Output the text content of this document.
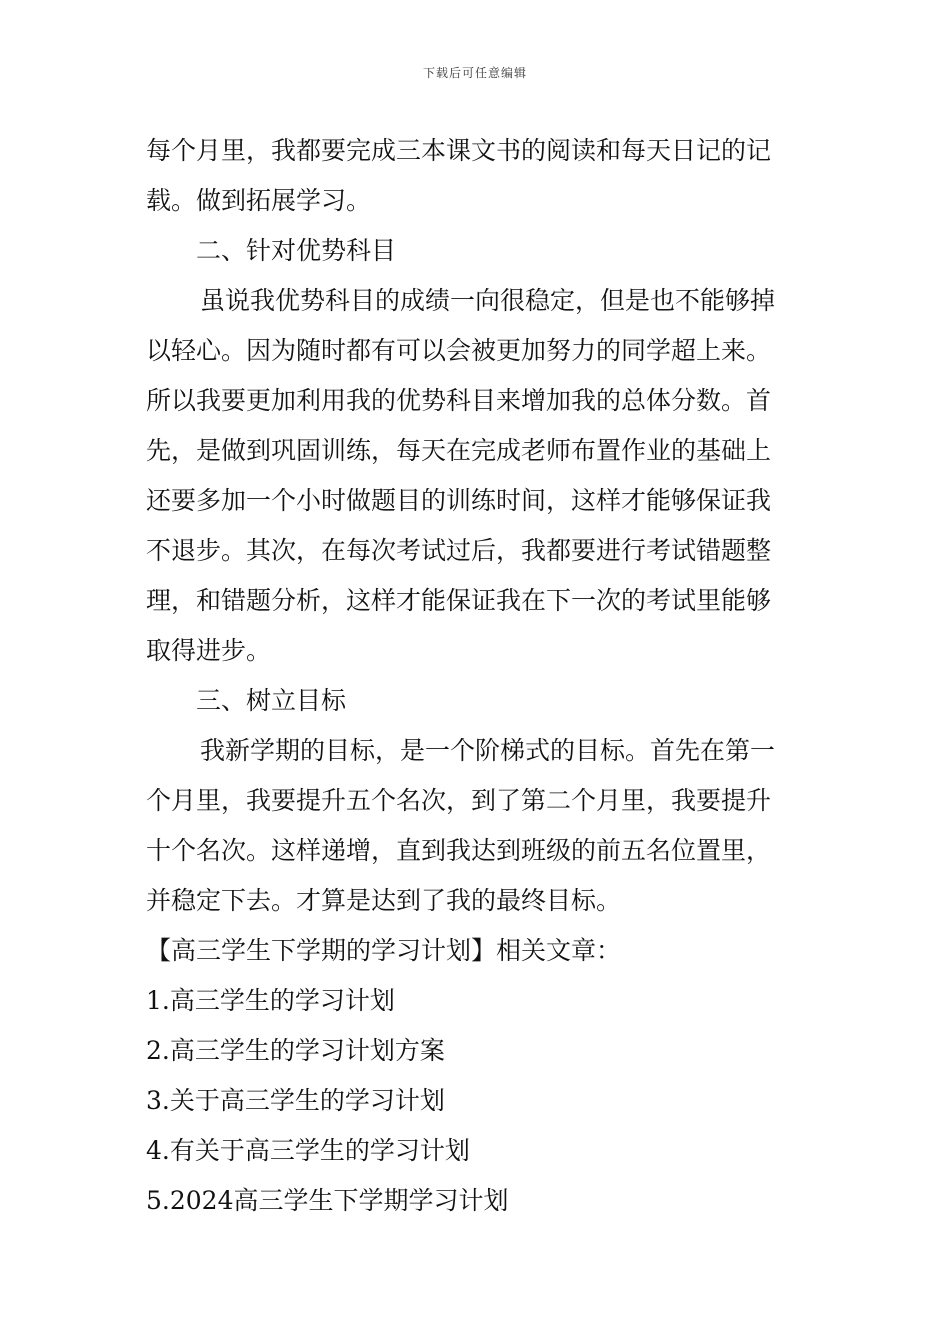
下载后可任意编辑
每个月里，我都要完成三本课文书的阅读和每天日记的记
载。做到拓展学习。
二、针对优势科目
虽说我优势科目的成绩一向很稳定，但是也不能够掉
以轻心。因为随时都有可以会被更加努力的同学超上来。
所以我要更加利用我的优势科目来增加我的总体分数。首
先，是做到巩固训练，每天在完成老师布置作业的基础上
还要多加一个小时做题目的训练时间，这样才能够保证我
不退步。其次，在每次考试过后，我都要进行考试错题整
理，和错题分析，这样才能保证我在下一次的考试里能够
取得进步。
三、树立目标
我新学期的目标，是一个阶梯式的目标。首先在第一
个月里，我要提升五个名次，到了第二个月里，我要提升
十个名次。这样递增，直到我达到班级的前五名位置里，
并稳定下去。才算是达到了我的最终目标。
【高三学生下学期的学习计划】相关文章：
1.高三学生的学习计划
2.高三学生的学习计划方案
3.关于高三学生的学习计划
4.有关于高三学生的学习计划
5.2024高三学生下学期学习计划
